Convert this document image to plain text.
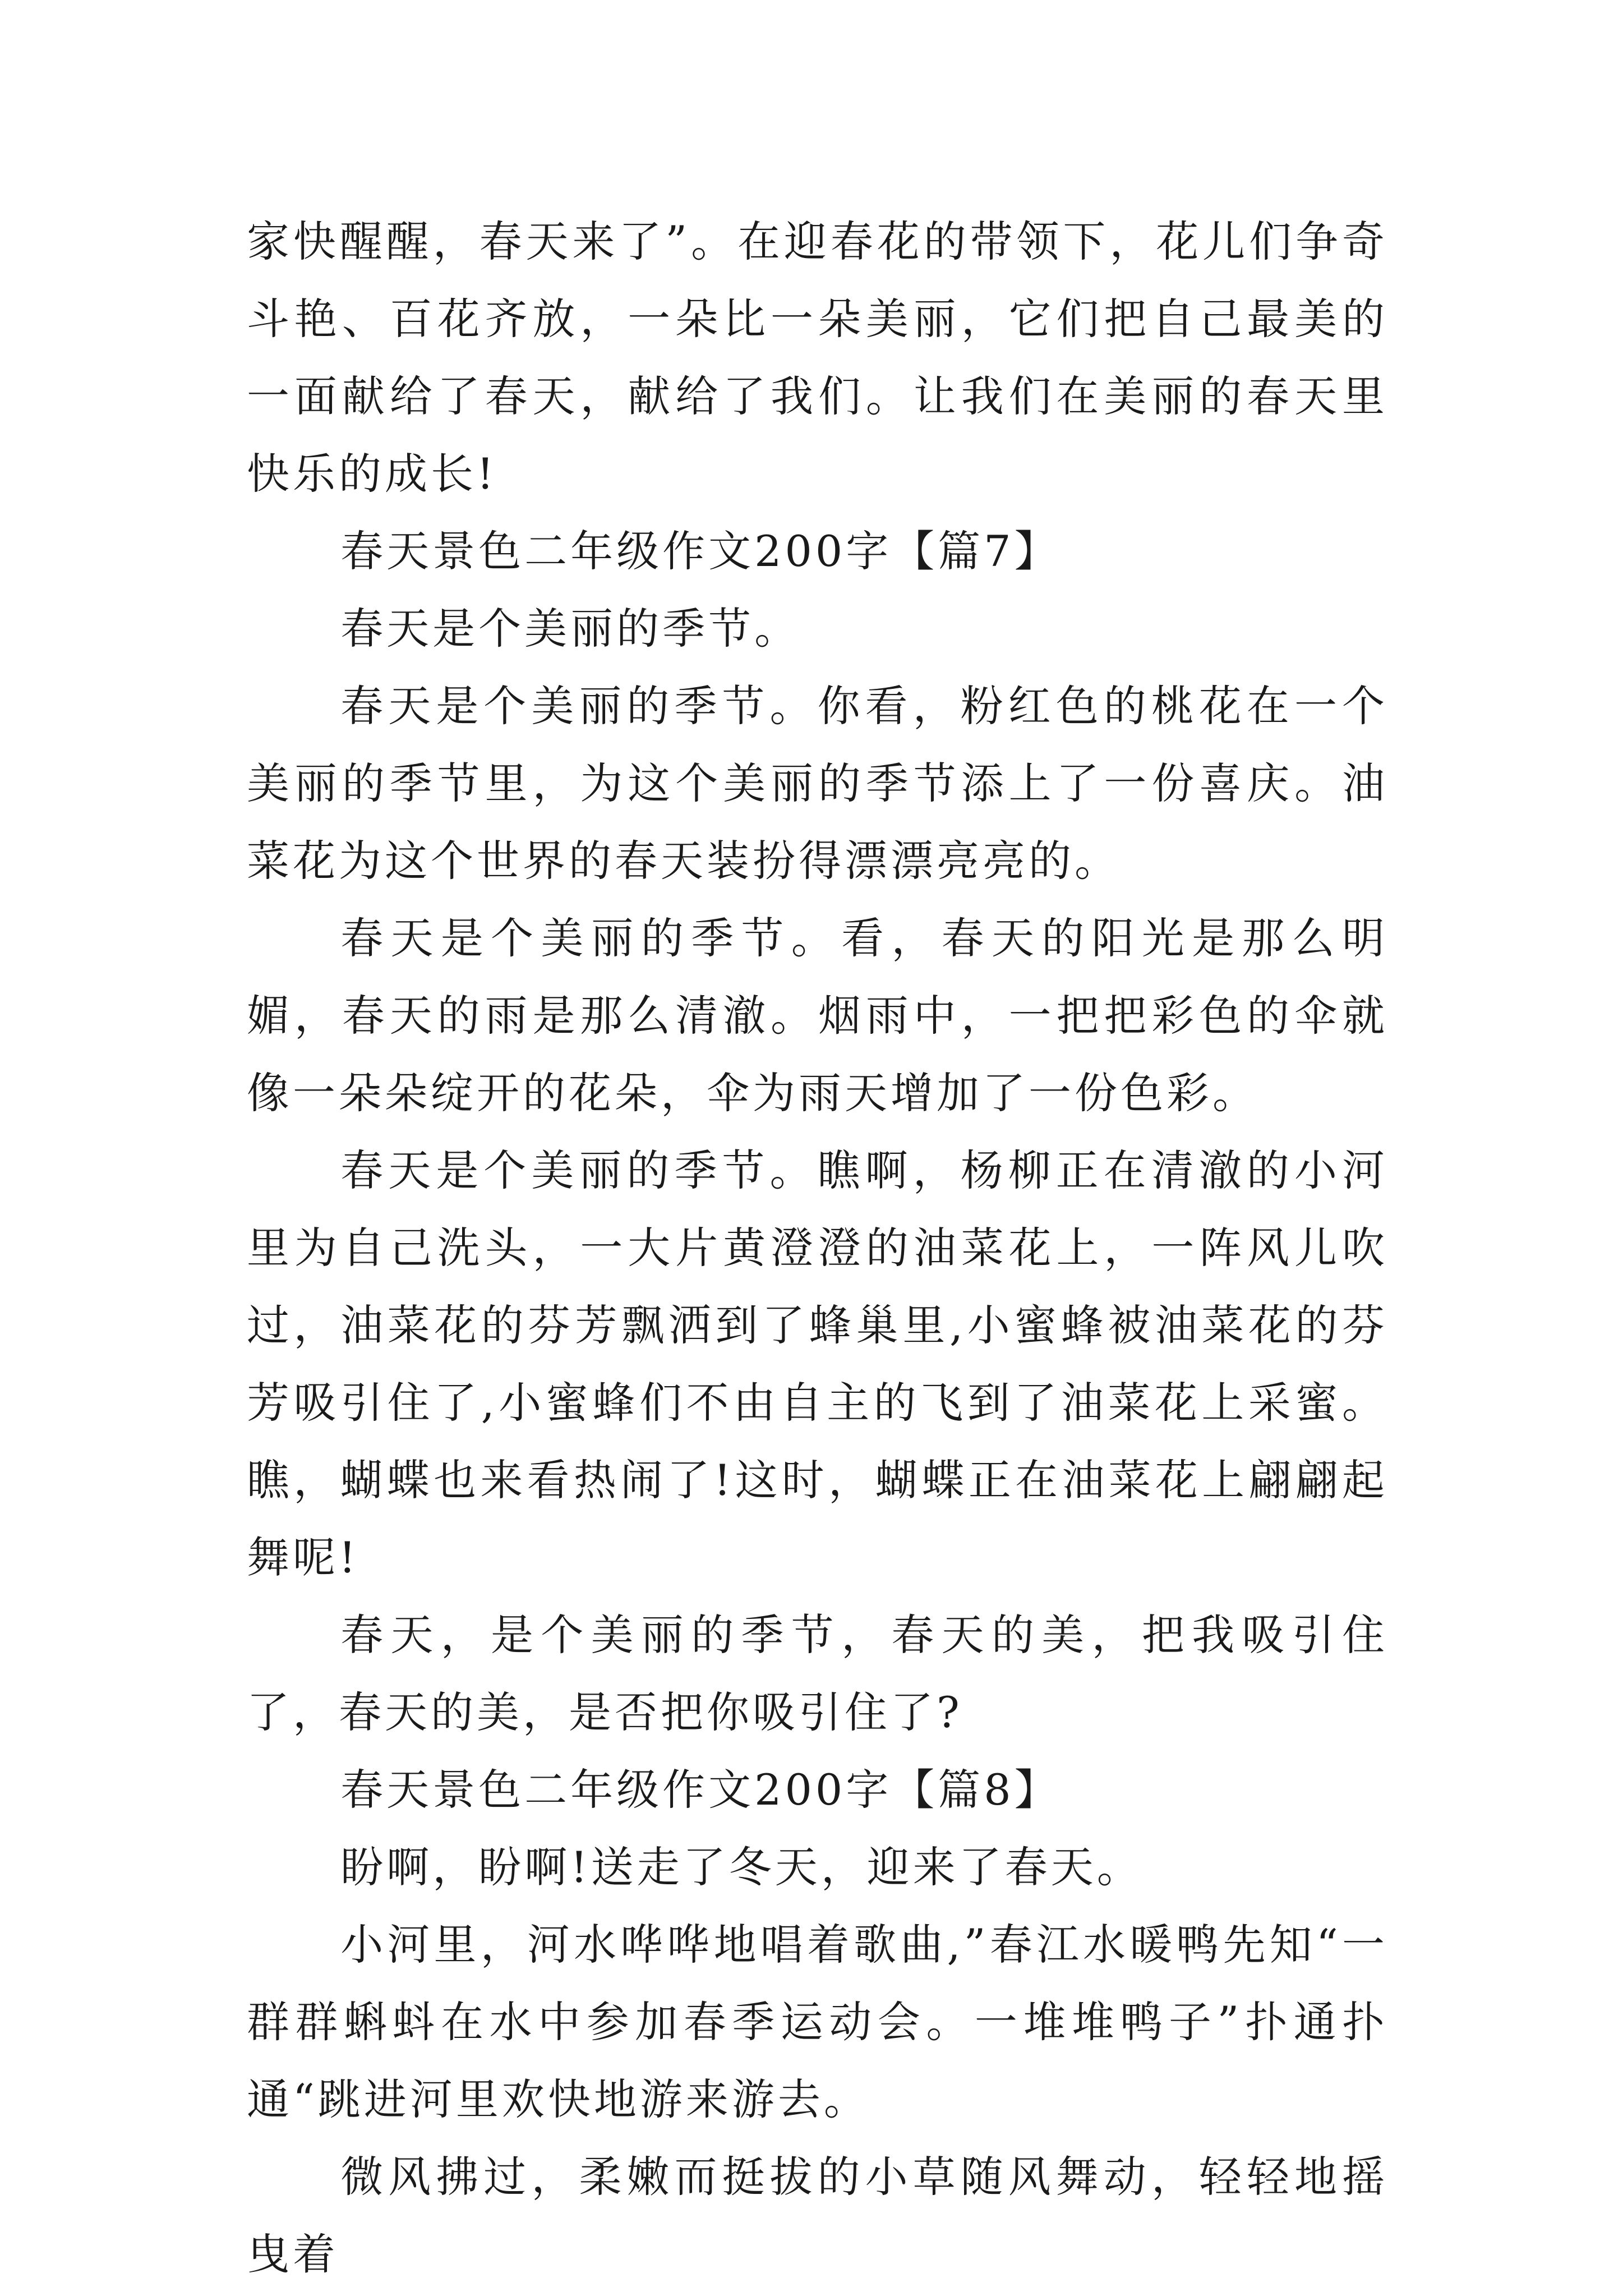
家快醒醒，春天来了”。在迎春花的带领下，花儿们争奇斗艳、百花齐放，一朵比一朵美丽，它们把自己最美的一面献给了春天，献给了我们。让我们在美丽的春天里快乐的成长!

春天景色二年级作文200字【篇7】

春天是个美丽的季节。

春天是个美丽的季节。你看，粉红色的桃花在一个美丽的季节里，为这个美丽的季节添上了一份喜庆。油菜花为这个世界的春天装扮得漂漂亮亮的。

春天是个美丽的季节。看，春天的阳光是那么明媚，春天的雨是那么清澈。烟雨中，一把把彩色的伞就像一朵朵绽开的花朵，伞为雨天增加了一份色彩。

春天是个美丽的季节。瞧啊，杨柳正在清澈的小河里为自己洗头，一大片黄澄澄的油菜花上，一阵风儿吹过，油菜花的芬芳飘洒到了蜂巢里,小蜜蜂被油菜花的芬芳吸引住了,小蜜蜂们不由自主的飞到了油菜花上采蜜。瞧，蝴蝶也来看热闹了!这时，蝴蝶正在油菜花上翩翩起舞呢!

春天，是个美丽的季节，春天的美，把我吸引住了，春天的美，是否把你吸引住了?

春天景色二年级作文200字【篇8】

盼啊，盼啊!送走了冬天，迎来了春天。

小河里，河水哗哗地唱着歌曲,”春江水暖鸭先知“一群群蝌蚪在水中参加春季运动会。一堆堆鸭子”扑通扑通“跳进河里欢快地游来游去。

微风拂过，柔嫩而挺拔的小草随风舞动，轻轻地摇曳着
